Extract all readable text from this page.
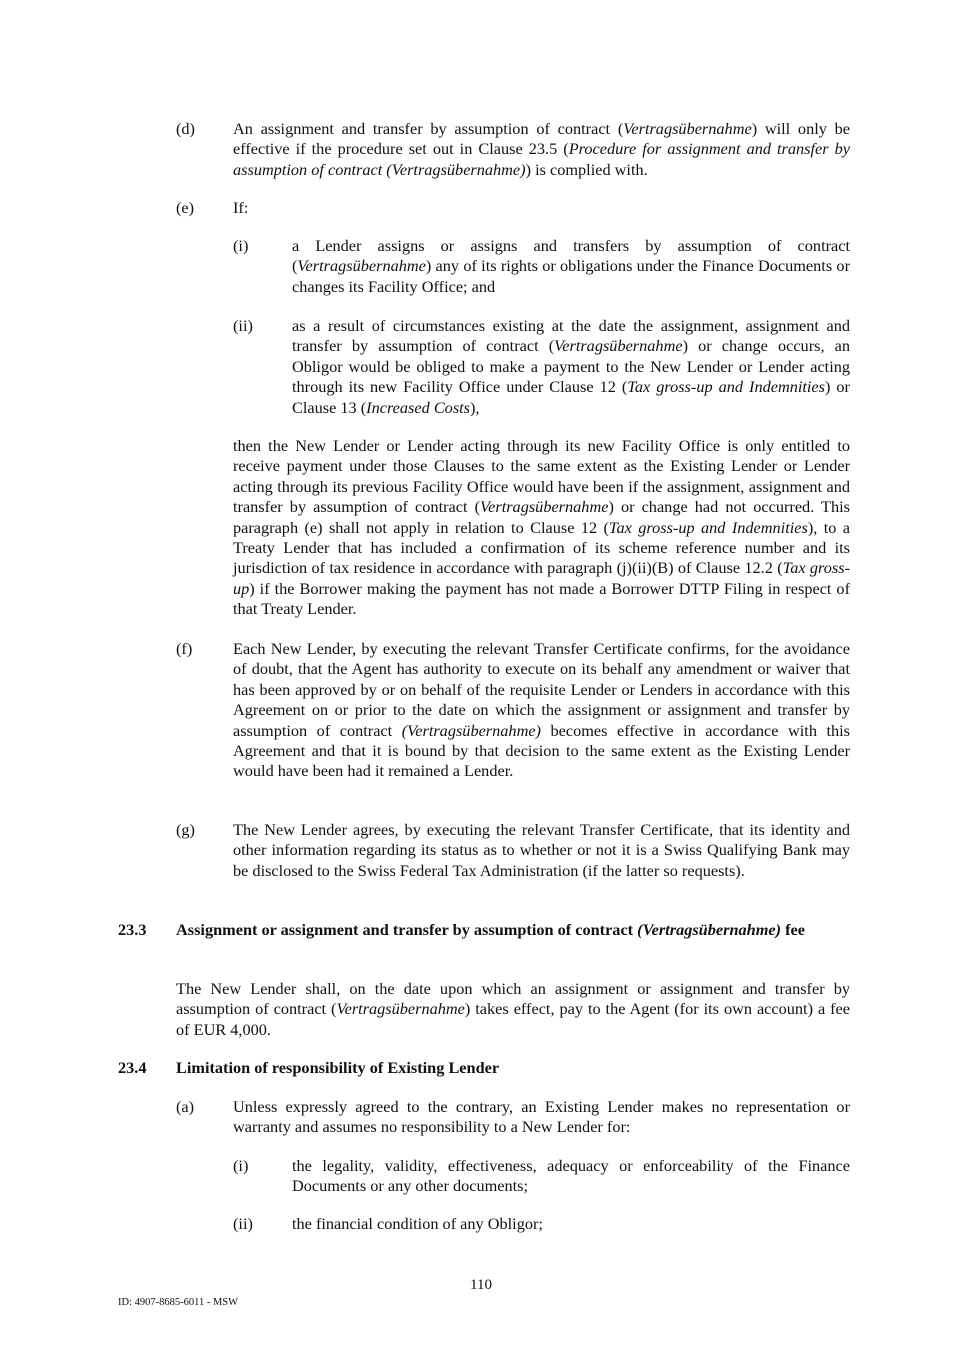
(d) An assignment and transfer by assumption of contract (Vertragsübernahme) will only be effective if the procedure set out in Clause 23.5 (Procedure for assignment and transfer by assumption of contract (Vertragsübernahme)) is complied with.

(e) If:

(i)	a Lender assigns or assigns and transfers by assumption of contract (Vertragsübernahme) any of its rights or obligations under the Finance Documents or changes its Facility Office; and

(ii) as a result of circumstances existing at the date the assignment, assignment and transfer by assumption of contract (Vertragsübernahme) or change occurs, an Obligor would be obliged to make a payment to the New Lender or Lender acting through its new Facility Office under Clause 12 (Tax gross-up and Indemnities) or Clause 13 (Increased Costs),

then the New Lender or Lender acting through its new Facility Office is only entitled to receive payment under those Clauses to the same extent as the Existing Lender or Lender acting through its previous Facility Office would have been if the assignment, assignment and transfer by assumption of contract (Vertragsübernahme) or change had not occurred. This paragraph (e) shall not apply in relation to Clause 12 (Tax gross-up and Indemnities), to a Treaty Lender that has included a confirmation of its scheme reference number and its jurisdiction of tax residence in accordance with paragraph (j)(ii)(B) of Clause 12.2 (Tax gross-up) if the Borrower making the payment has not made a Borrower DTTP Filing in respect of that Treaty Lender.

(f) Each New Lender, by executing the relevant Transfer Certificate confirms, for the avoidance of doubt, that the Agent has authority to execute on its behalf any amendment or waiver that has been approved by or on behalf of the requisite Lender or Lenders in accordance with this Agreement on or prior to the date on which the assignment or assignment and transfer by assumption of contract (Vertragsübernahme) becomes effective in accordance with this Agreement and that it is bound by that decision to the same extent as the Existing Lender would have been had it remained a Lender.

(g) The New Lender agrees, by executing the relevant Transfer Certificate, that its identity and other information regarding its status as to whether or not it is a Swiss Qualifying Bank may be disclosed to the Swiss Federal Tax Administration (if the latter so requests).

23.3 Assignment or assignment and transfer by assumption of contract (Vertragsübernahme) fee

The New Lender shall, on the date upon which an assignment or assignment and transfer by assumption of contract (Vertragsübernahme) takes effect, pay to the Agent (for its own account) a fee of EUR 4,000.

23.4 Limitation of responsibility of Existing Lender

(a) Unless expressly agreed to the contrary, an Existing Lender makes no representation or warranty and assumes no responsibility to a New Lender for:

(i)	the legality, validity, effectiveness, adequacy or enforceability of the Finance Documents or any other documents;

(ii) the financial condition of any Obligor;

110
ID: 4907-8685-6011 - MSW
